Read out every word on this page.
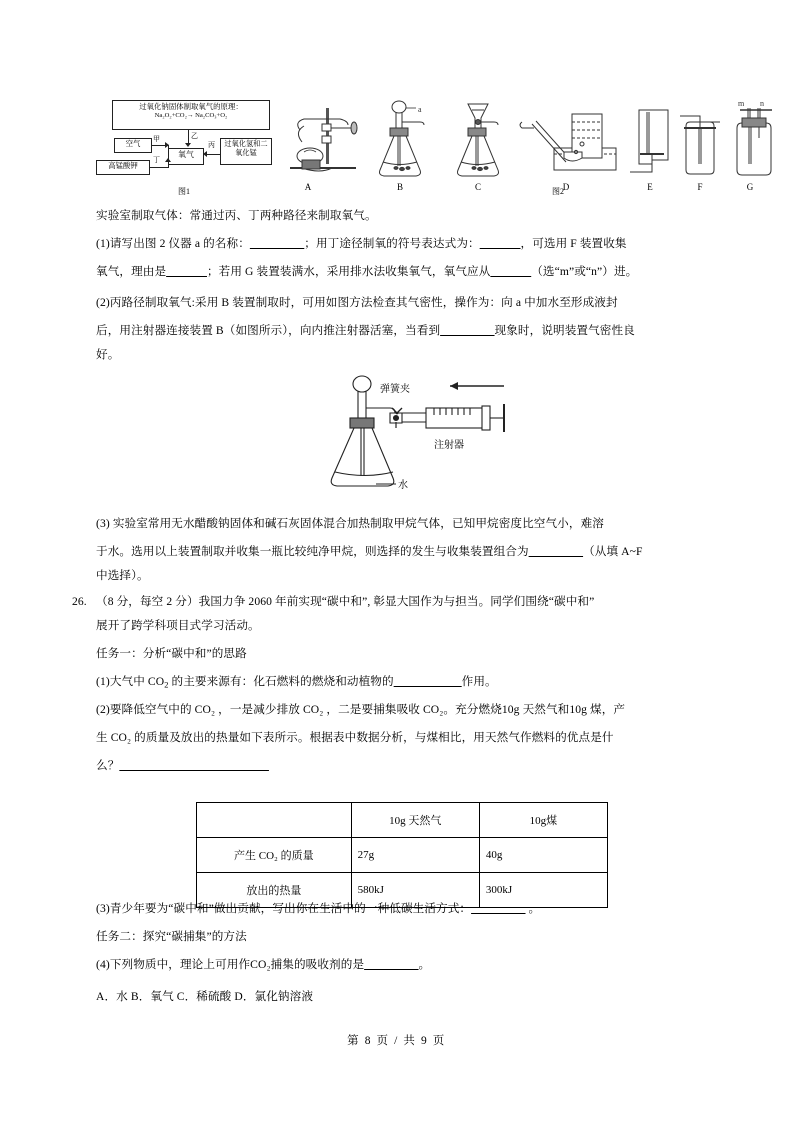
过氧化钠固体制取氧气的原理：
Na₂O₂+CO₂→ Na₂CO₃+O₂
乙
空气
高锰酸钾
氧气
过氧化氢和二氧化锰
甲
丁
丙
图1	A
a
B	C	D	E	F
m n
G
图2
实验室制取气体：常通过丙、丁两种路径来制取氧气。
(1)请写出图 2 仪器 a 的名称：＿＿＿＿；用丁途径制氧的符号表达式为：＿＿＿，可选用 F 装置收集
氧气，理由是＿＿＿；若用 G 装置装满水，采用排水法收集氧气，氧气应从＿＿＿（选“m”或“n”）进。
(2)丙路径制取氧气:采用 B 装置制取时，可用如图方法检查其气密性，操作为：向 a 中加水至形成液封
后，用注射器连接装置 B（如图所示），向内推注射器活塞，当看到＿＿＿＿现象时，说明装置气密性良
好。
弹簧夹
注射器
水
(3) 实验室常用无水醋酸钠固体和碱石灰固体混合加热制取甲烷气体，已知甲烷密度比空气小，难溶
于水。选用以上装置制取并收集一瓶比较纯净甲烷，则选择的发生与收集装置组合为＿＿＿＿（从填 A~F
中选择）。
26. （8 分，每空 2 分）我国力争 2060 年前实现“碳中和”, 彰显大国作为与担当。同学们围绕“碳中和”
展开了跨学科项目式学习活动。
任务一：分析“碳中和”的思路
(1)大气中 $CO_2$ 的主要来源有：化石燃料的燃烧和动植物的＿＿＿＿＿作用。
(2)要降低空气中的 CO₂ ，一是减少排放 CO₂ ，二是要捕集吸收 CO₂。充分燃烧10g 天然气和10g 煤，产
生 CO₂ 的质量及放出的热量如下表所示。根据表中数据分析，与煤相比，用天然气作燃料的优点是什
么？＿＿＿＿＿＿＿＿＿＿＿
	10g 天然气	10g煤
产生 CO₂ 的质量	27g	40g
放出的热量	580kJ	300kJ
(3)青少年要为“碳中和”做出贡献，写出你在生活中的一种低碳生活方式：＿＿＿＿ 。
任务二：探究“碳捕集”的方法
(4)下列物质中，理论上可用作CO₂捕集的吸收剂的是＿＿＿＿。
A．水 B．氧气 C．稀硫酸 D．氯化钠溶液
第 8 页 / 共 9 页
